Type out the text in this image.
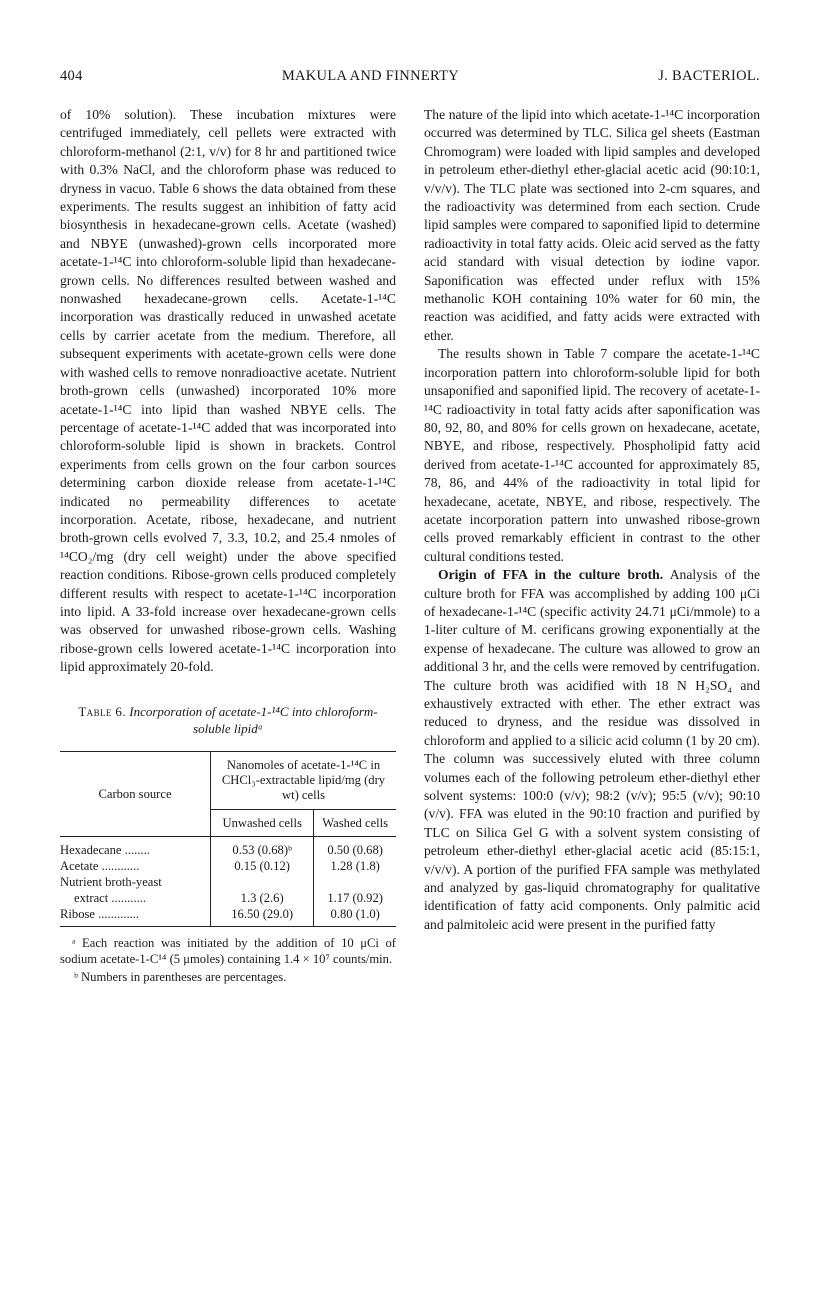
404	MAKULA AND FINNERTY	J. BACTERIOL.

of 10% solution). These incubation mixtures were centrifuged immediately, cell pellets were extracted with chloroform-methanol (2:1, v/v) for 8 hr and partitioned twice with 0.3% NaCl, and the chloroform phase was reduced to dryness in vacuo. Table 6 shows the data obtained from these experiments. The results suggest an inhibition of fatty acid biosynthesis in hexadecane-grown cells. Acetate (washed) and NBYE (unwashed)-grown cells incorporated more acetate-1-¹⁴C into chloroform-soluble lipid than hexadecane-grown cells. No differences resulted between washed and nonwashed hexadecane-grown cells. Acetate-1-¹⁴C incorporation was drastically reduced in unwashed acetate cells by carrier acetate from the medium. Therefore, all subsequent experiments with acetate-grown cells were done with washed cells to remove nonradioactive acetate. Nutrient broth-grown cells (unwashed) incorporated 10% more acetate-1-¹⁴C into lipid than washed NBYE cells. The percentage of acetate-1-¹⁴C added that was incorporated into chloroform-soluble lipid is shown in brackets. Control experiments from cells grown on the four carbon sources determining carbon dioxide release from acetate-1-¹⁴C indicated no permeability differences to acetate incorporation. Acetate, ribose, hexadecane, and nutrient broth-grown cells evolved 7, 3.3, 10.2, and 25.4 nmoles of ¹⁴CO₂/mg (dry cell weight) under the above specified reaction conditions. Ribose-grown cells produced completely different results with respect to acetate-1-¹⁴C incorporation into lipid. A 33-fold increase over hexadecane-grown cells was observed for unwashed ribose-grown cells. Washing ribose-grown cells lowered acetate-1-¹⁴C incorporation into lipid approximately 20-fold.

Table 6. Incorporation of acetate-1-¹⁴C into chloroform-soluble lipidᵃ
Carbon source	Nanomoles of acetate-1-¹⁴C in CHCl₃-extractable lipid/mg (dry wt) cells	
	Unwashed cells	Washed cells
Hexadecane ........	0.53 (0.68)ᵇ	0.50 (0.68)
Acetate ............	0.15 (0.12)	1.28 (1.8)
Nutrient broth-yeast
extract ...........	1.3 (2.6)	1.17 (0.92)
Ribose .............	16.50 (29.0)	0.80 (1.0)

ᵃ Each reaction was initiated by the addition of 10 μCi of sodium acetate-1-C¹⁴ (5 μmoles) containing 1.4 × 10⁷ counts/min.

ᵇ Numbers in parentheses are percentages.

The nature of the lipid into which acetate-1-¹⁴C incorporation occurred was determined by TLC. Silica gel sheets (Eastman Chromogram) were loaded with lipid samples and developed in petroleum ether-diethyl ether-glacial acetic acid (90:10:1, v/v/v). The TLC plate was sectioned into 2-cm squares, and the radioactivity was determined from each section. Crude lipid samples were compared to saponified lipid to determine radioactivity in total fatty acids. Oleic acid served as the fatty acid standard with visual detection by iodine vapor. Saponification was effected under reflux with 15% methanolic KOH containing 10% water for 60 min, the reaction was acidified, and fatty acids were extracted with ether.

The results shown in Table 7 compare the acetate-1-¹⁴C incorporation pattern into chloroform-soluble lipid for both unsaponified and saponified lipid. The recovery of acetate-1-¹⁴C radioactivity in total fatty acids after saponification was 80, 92, 80, and 80% for cells grown on hexadecane, acetate, NBYE, and ribose, respectively. Phospholipid fatty acid derived from acetate-1-¹⁴C accounted for approximately 85, 78, 86, and 44% of the radioactivity in total lipid for hexadecane, acetate, NBYE, and ribose, respectively. The acetate incorporation pattern into unwashed ribose-grown cells proved remarkably efficient in contrast to the other cultural conditions tested.

Origin of FFA in the culture broth. Analysis of the culture broth for FFA was accomplished by adding 100 μCi of hexadecane-1-¹⁴C (specific activity 24.71 μCi/mmole) to a 1-liter culture of M. cerificans growing exponentially at the expense of hexadecane. The culture was allowed to grow an additional 3 hr, and the cells were removed by centrifugation. The culture broth was acidified with 18 N H₂SO₄ and exhaustively extracted with ether. The ether extract was reduced to dryness, and the residue was dissolved in chloroform and applied to a silicic acid column (1 by 20 cm). The column was successively eluted with three column volumes each of the following petroleum ether-diethyl ether solvent systems: 100:0 (v/v); 98:2 (v/v); 95:5 (v/v); 90:10 (v/v). FFA was eluted in the 90:10 fraction and purified by TLC on Silica Gel G with a solvent system consisting of petroleum ether-diethyl ether-glacial acetic acid (85:15:1, v/v/v). A portion of the purified FFA sample was methylated and analyzed by gas-liquid chromatography for qualitative identification of fatty acid components. Only palmitic acid and palmitoleic acid were present in the purified fatty
